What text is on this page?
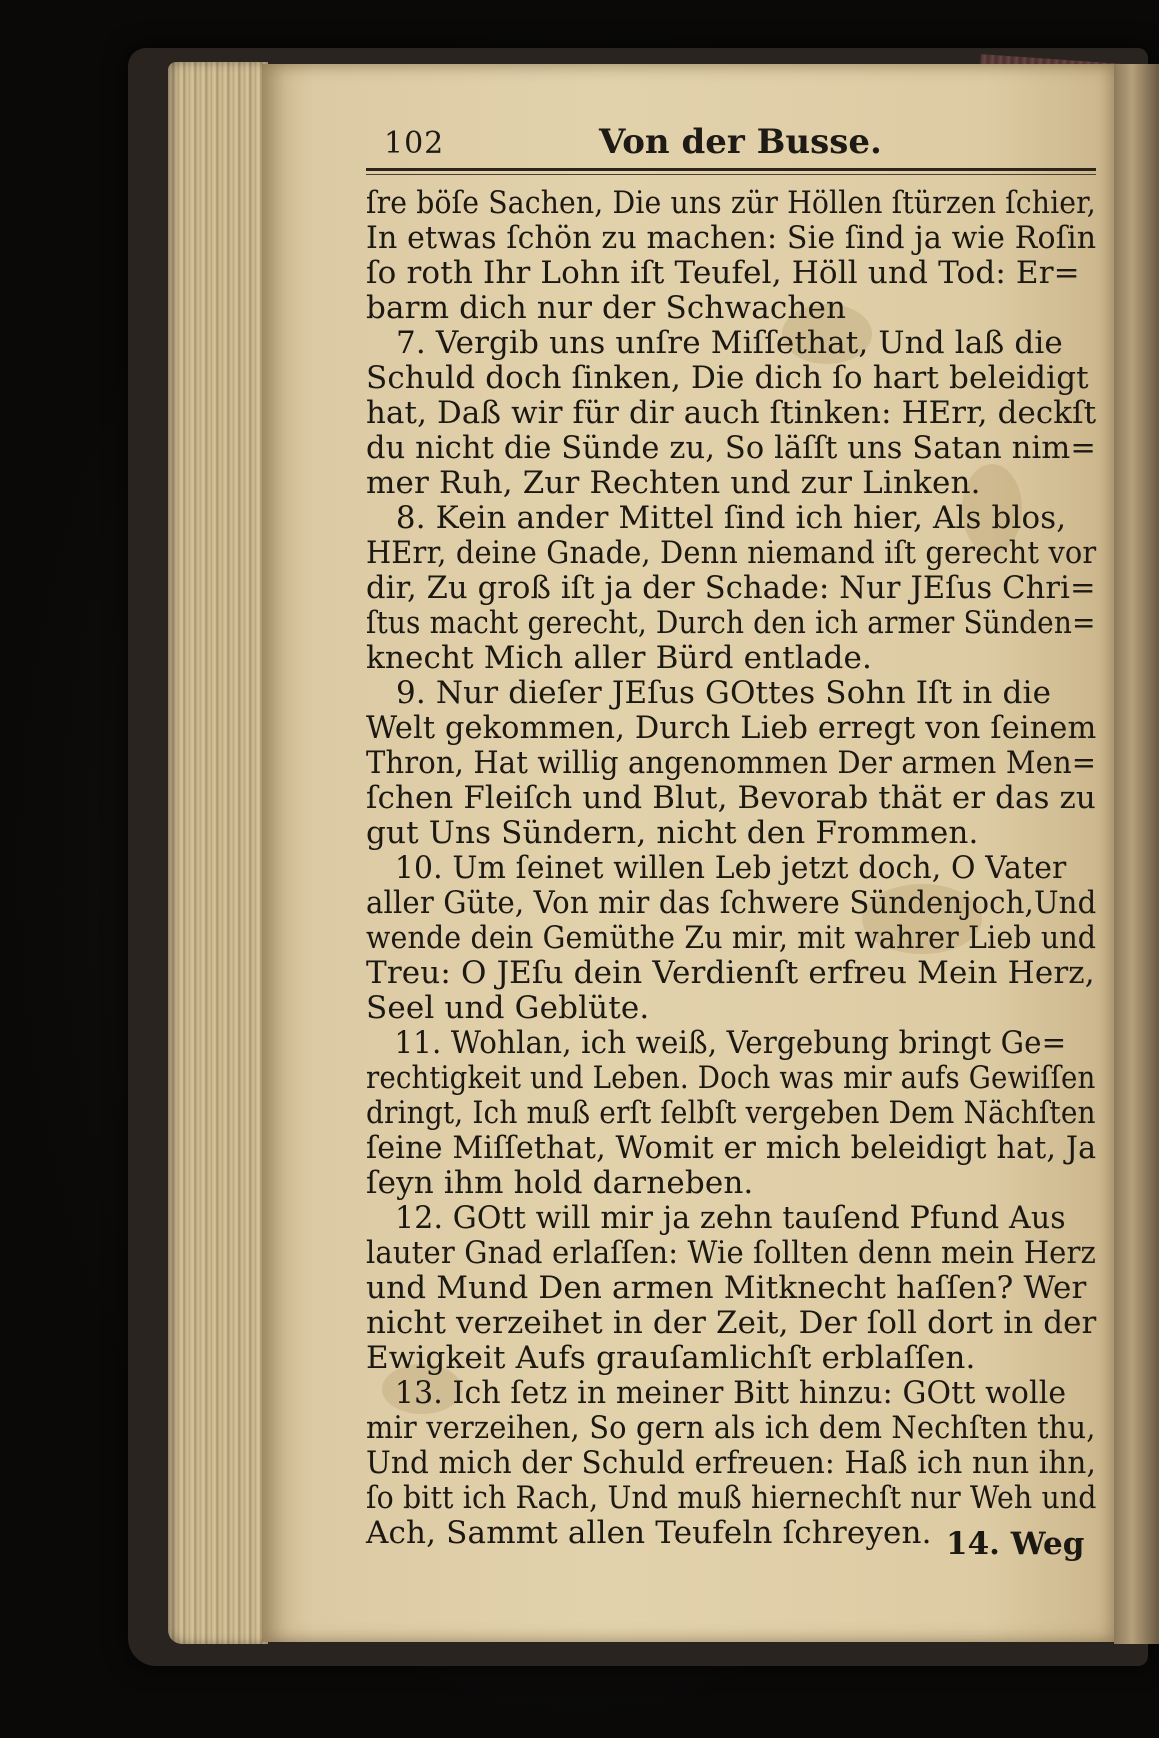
102	Von der Busse.
ſre böſe Sachen, Die uns zür Höllen ſtürzen ſchier,
In etwas ſchön zu machen: Sie ſind ja wie Roſin
ſo roth Ihr Lohn iſt Teufel, Höll und Tod: Er=
barm dich nur der Schwachen
7. Vergib uns unſre Miſſethat, Und laß die
Schuld doch ſinken, Die dich ſo hart beleidigt
hat, Daß wir für dir auch ſtinken: HErr, deckſt
du nicht die Sünde zu, So läſſt uns Satan nim=
mer Ruh, Zur Rechten und zur Linken.
8. Kein ander Mittel ſind ich hier, Als blos,
HErr, deine Gnade, Denn niemand iſt gerecht vor
dir, Zu groß iſt ja der Schade: Nur JEſus Chri=
ſtus macht gerecht, Durch den ich armer Sünden=
knecht Mich aller Bürd entlade.
9. Nur dieſer JEſus GOttes Sohn Iſt in die
Welt gekommen, Durch Lieb erregt von ſeinem
Thron, Hat willig angenommen Der armen Men=
ſchen Fleiſch und Blut, Bevorab thät er das zu
gut Uns Sündern, nicht den Frommen.
10. Um ſeinet willen Leb jetzt doch, O Vater
aller Güte, Von mir das ſchwere Sündenjoch,Und
wende dein Gemüthe Zu mir, mit wahrer Lieb und
Treu: O JEſu dein Verdienſt erfreu Mein Herz,
Seel und Geblüte.
11. Wohlan, ich weiß, Vergebung bringt Ge=
rechtigkeit und Leben. Doch was mir aufs Gewiſſen
dringt, Ich muß erſt ſelbſt vergeben Dem Nächſten
ſeine Miſſethat, Womit er mich beleidigt hat, Ja
ſeyn ihm hold darneben.
12. GOtt will mir ja zehn tauſend Pfund Aus
lauter Gnad erlaſſen: Wie ſollten denn mein Herz
und Mund Den armen Mitknecht haſſen? Wer
nicht verzeihet in der Zeit, Der ſoll dort in der
Ewigkeit Aufs grauſamlichſt erblaſſen.
13. Ich ſetz in meiner Bitt hinzu: GOtt wolle
mir verzeihen, So gern als ich dem Nechſten thu,
Und mich der Schuld erfreuen: Haß ich nun ihn,
ſo bitt ich Rach, Und muß hiernechſt nur Weh und
Ach, Sammt allen Teufeln ſchreyen. 14. Weg
